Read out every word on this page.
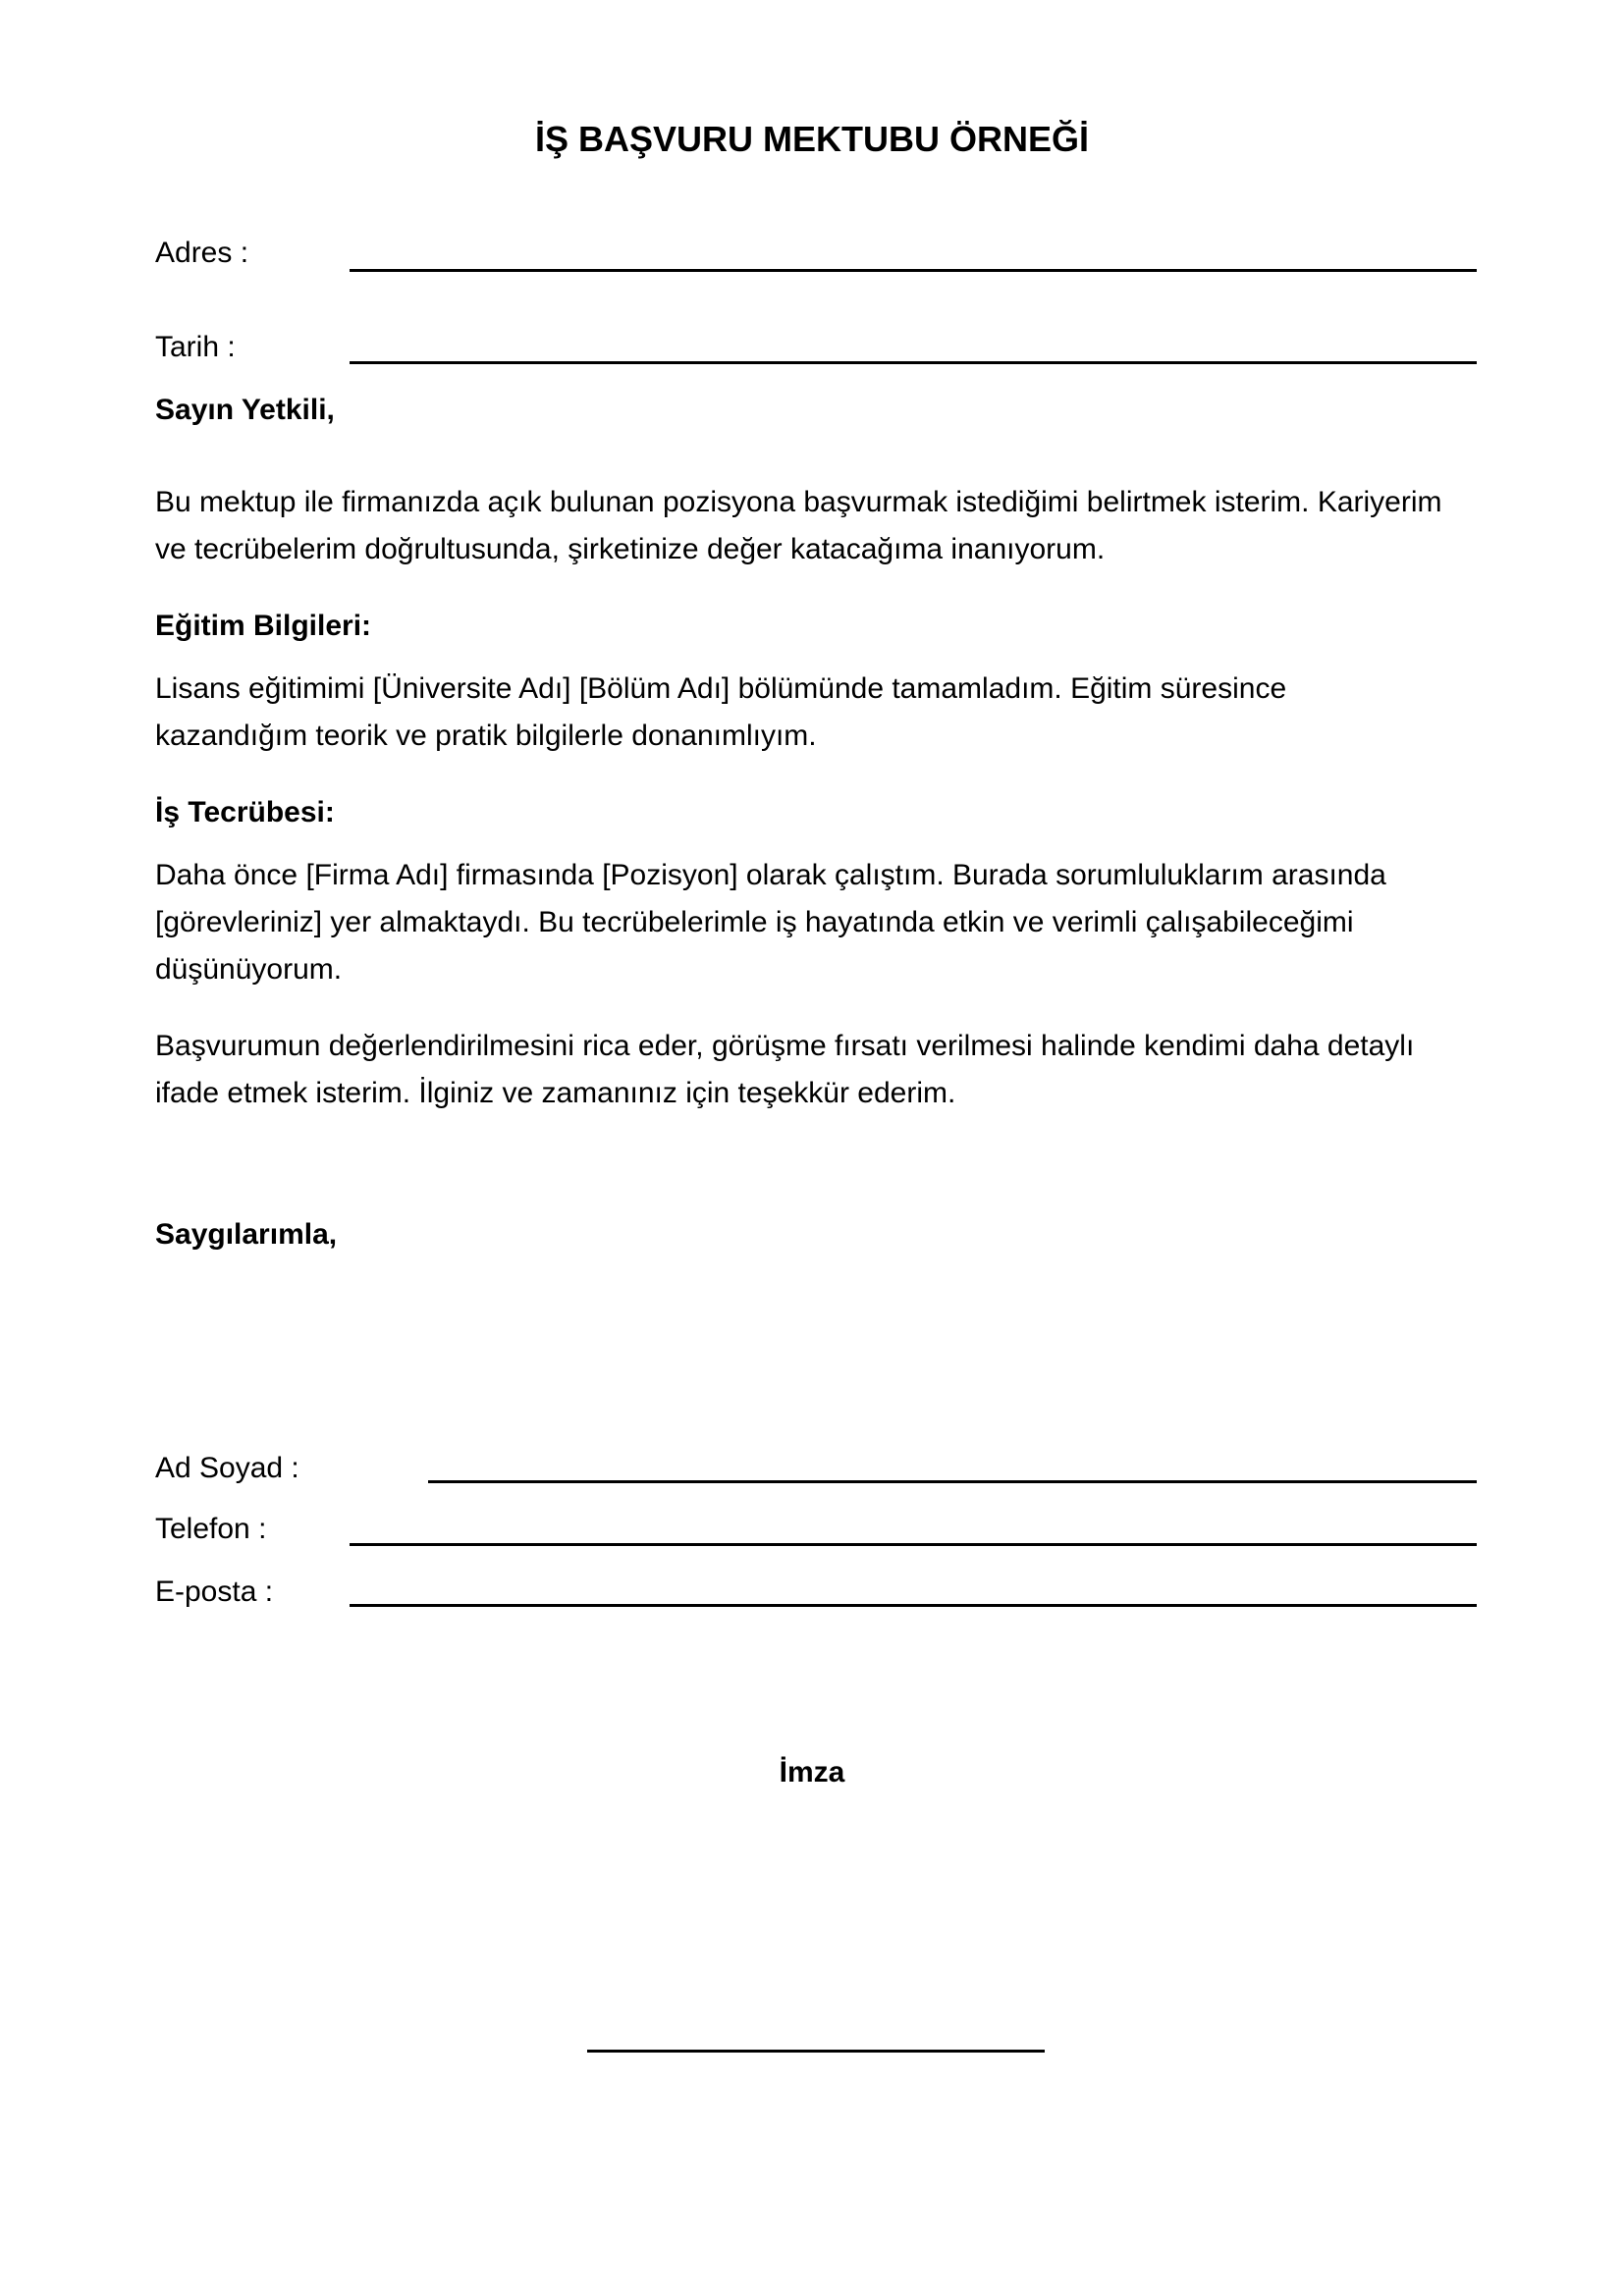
İŞ BAŞVURU MEKTUBU ÖRNEĞİ
Adres :
Tarih :
Sayın Yetkili,
Bu mektup ile firmanızda açık bulunan pozisyona başvurmak istediğimi belirtmek isterim. Kariyerim
ve tecrübelerim doğrultusunda, şirketinize değer katacağıma inanıyorum.
Eğitim Bilgileri:
Lisans eğitimimi [Üniversite Adı] [Bölüm Adı] bölümünde tamamladım. Eğitim süresince
kazandığım teorik ve pratik bilgilerle donanımlıyım.
İş Tecrübesi:
Daha önce [Firma Adı] firmasında [Pozisyon] olarak çalıştım. Burada sorumluluklarım arasında
[görevleriniz] yer almaktaydı. Bu tecrübelerimle iş hayatında etkin ve verimli çalışabileceğimi
düşünüyorum.
Başvurumun değerlendirilmesini rica eder, görüşme fırsatı verilmesi halinde kendimi daha detaylı
ifade etmek isterim. İlginiz ve zamanınız için teşekkür ederim.
Saygılarımla,
Ad Soyad :
Telefon :
E-posta :
İmza
